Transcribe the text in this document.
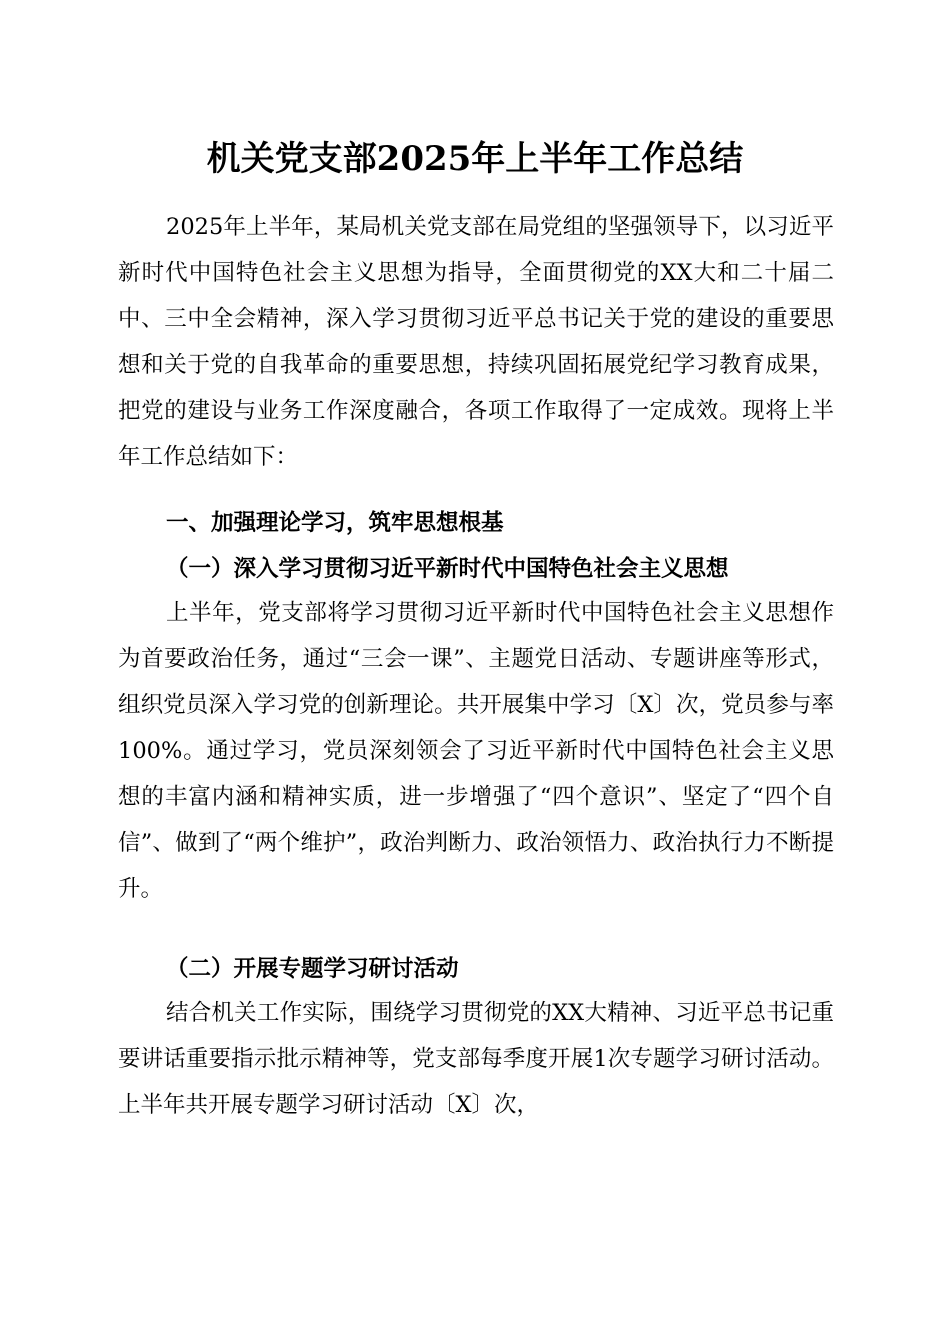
机关党支部2025年上半年工作总结

2025年上半年，某局机关党支部在局党组的坚强领导下，以习近平新时代中国特色社会主义思想为指导，全面贯彻党的XX大和二十届二中、三中全会精神，深入学习贯彻习近平总书记关于党的建设的重要思想和关于党的自我革命的重要思想，持续巩固拓展党纪学习教育成果，把党的建设与业务工作深度融合，各项工作取得了一定成效。现将上半年工作总结如下：

一、加强理论学习，筑牢思想根基
（一）深入学习贯彻习近平新时代中国特色社会主义思想

上半年，党支部将学习贯彻习近平新时代中国特色社会主义思想作为首要政治任务，通过“三会一课”、主题党日活动、专题讲座等形式，组织党员深入学习党的创新理论。共开展集中学习〔X〕次，党员参与率100%。通过学习，党员深刻领会了习近平新时代中国特色社会主义思想的丰富内涵和精神实质，进一步增强了“四个意识”、坚定了“四个自信”、做到了“两个维护”，政治判断力、政治领悟力、政治执行力不断提升。

（二）开展专题学习研讨活动

结合机关工作实际，围绕学习贯彻党的XX大精神、习近平总书记重要讲话重要指示批示精神等，党支部每季度开展1次专题学习研讨活动。上半年共开展专题学习研讨活动〔X〕次，
